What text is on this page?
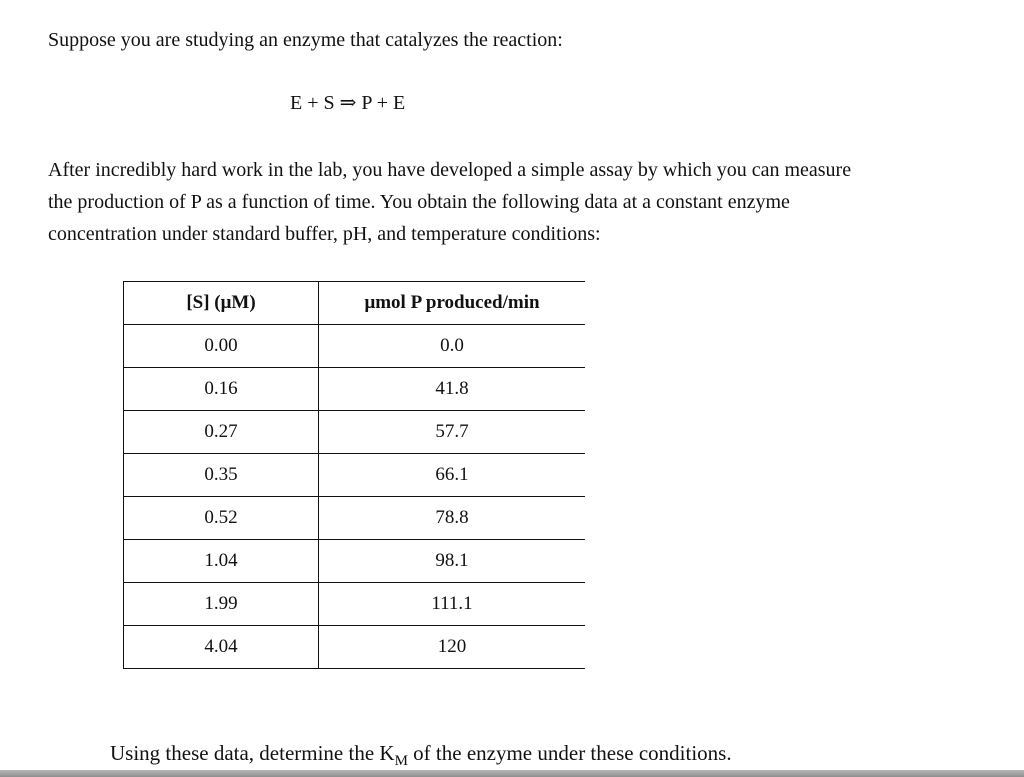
Suppose you are studying an enzyme that catalyzes the reaction:

E + S ⇒ P + E

After incredibly hard work in the lab, you have developed a simple assay by which you can measure
the production of P as a function of time. You obtain the following data at a constant enzyme
concentration under standard buffer, pH, and temperature conditions:

[S] (μM)	μmol P produced/min
0.00	0.0
0.16	41.8
0.27	57.7
0.35	66.1
0.52	78.8
1.04	98.1
1.99	111.1
4.04	120

Using these data, determine the $K_M$ of the enzyme under these conditions.
